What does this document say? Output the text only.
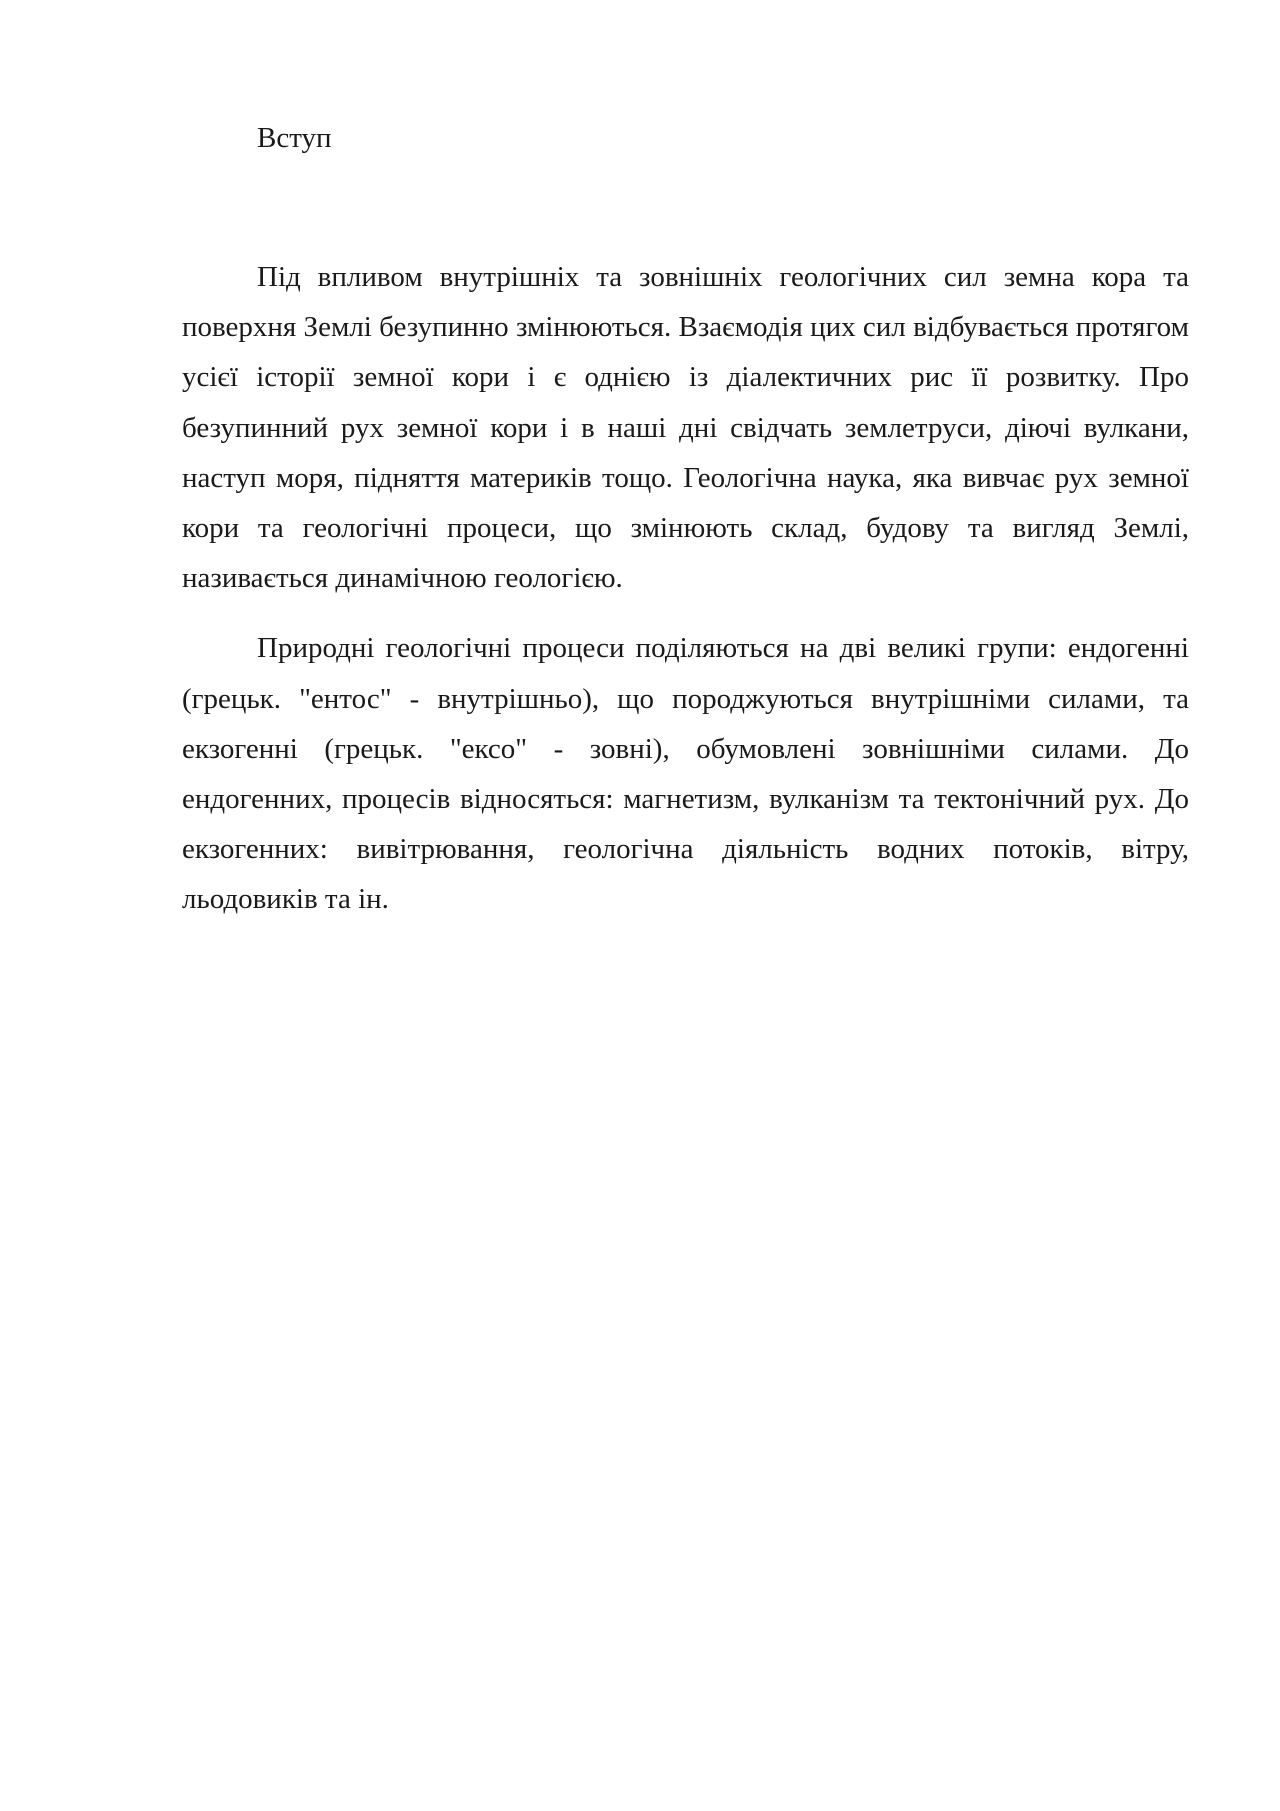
Вступ

Під впливом внутрішніх та зовнішніх геологічних сил земна кора та поверхня Землі безупинно змінюються. Взаємодія цих сил відбувається протягом усієї історії земної кори і є однією із діалектичних рис її розвитку. Про безупинний рух земної кори і в наші дні свідчать землетруси, діючі вулкани, наступ моря, підняття материків тощо. Геологічна наука, яка вивчає рух земної кори та геологічні процеси, що змінюють склад, будову та вигляд Землі, називається динамічною геологією.

Природні геологічні процеси поділяються на дві великі групи: ендогенні (грецьк. "ентос" - внутрішньо), що породжуються внутрішніми силами, та екзогенні (грецьк. "ексо" - зовні), обумовлені зовнішніми силами. До ендогенних, процесів відносяться: магнетизм, вулканізм та тектонічний рух. До екзогенних: вивітрювання, геологічна діяльність водних потоків, вітру, льодовиків та ін.
